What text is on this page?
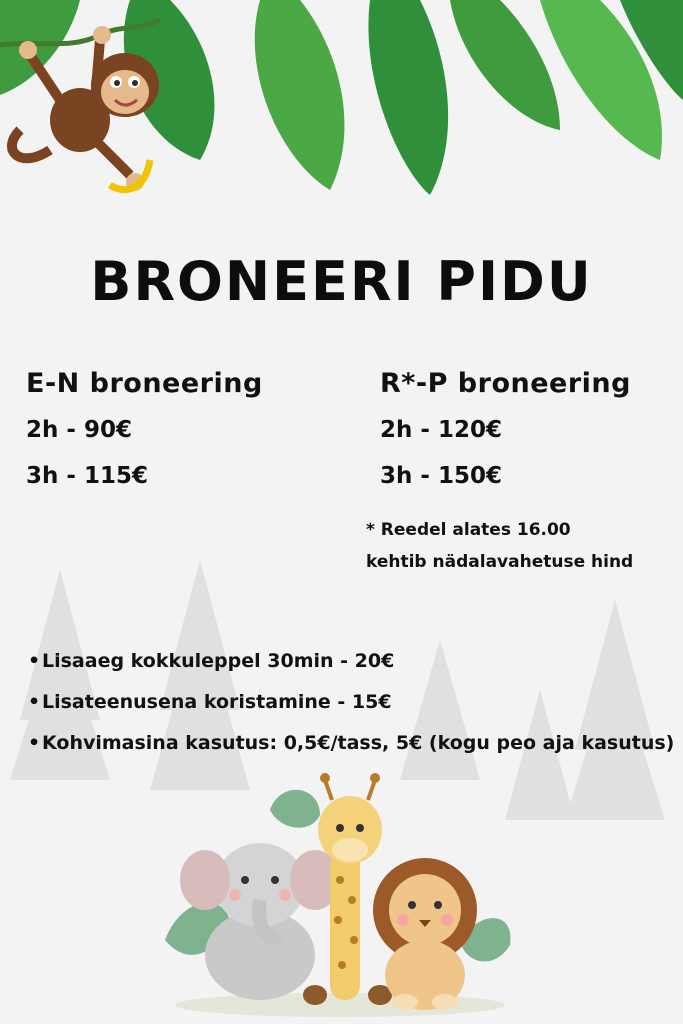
BRONEERI PIDU
E-N broneering
2h - 90€
3h - 115€
R*-P broneering
2h - 120€
3h - 150€
* Reedel alates 16.00
kehtib nädalavahetuse hind
•Lisaaeg kokkuleppel 30min - 20€
•Lisateenusena koristamine - 15€
•Kohvimasina kasutus: 0,5€/tass, 5€ (kogu peo aja kasutus)
